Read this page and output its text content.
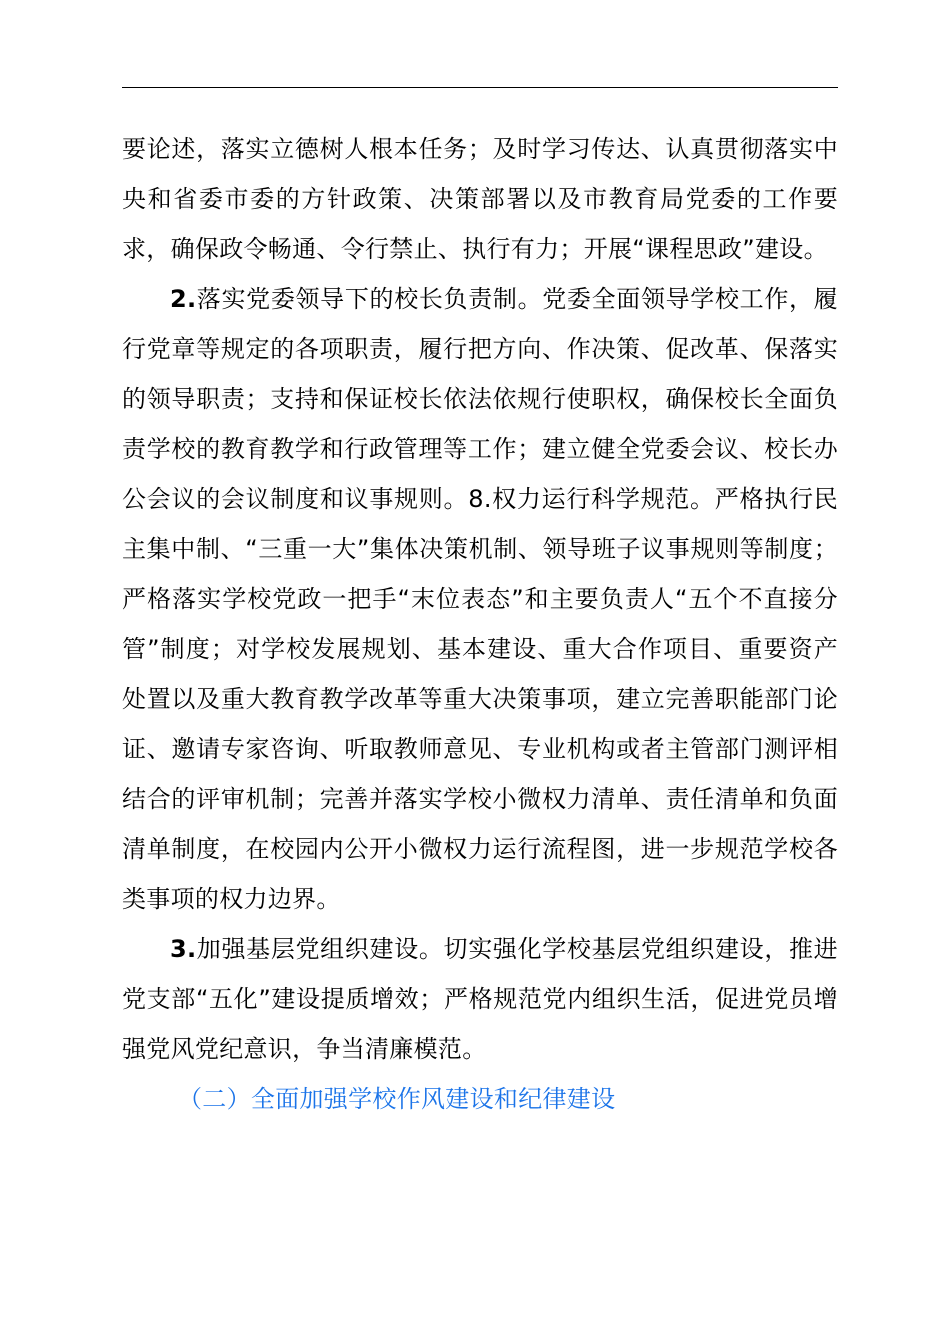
要论述，落实立德树人根本任务；及时学习传达、认真贯彻落实中央和省委市委的方针政策、决策部署以及市教育局党委的工作要求，确保政令畅通、令行禁止、执行有力；开展“课程思政”建设。

2.落实党委领导下的校长负责制。党委全面领导学校工作，履行党章等规定的各项职责，履行把方向、作决策、促改革、保落实的领导职责；支持和保证校长依法依规行使职权，确保校长全面负责学校的教育教学和行政管理等工作；建立健全党委会议、校长办公会议的会议制度和议事规则。8.权力运行科学规范。严格执行民主集中制、“三重一大”集体决策机制、领导班子议事规则等制度；严格落实学校党政一把手“末位表态”和主要负责人“五个不直接分管”制度；对学校发展规划、基本建设、重大合作项目、重要资产处置以及重大教育教学改革等重大决策事项，建立完善职能部门论证、邀请专家咨询、听取教师意见、专业机构或者主管部门测评相结合的评审机制；完善并落实学校小微权力清单、责任清单和负面清单制度，在校园内公开小微权力运行流程图，进一步规范学校各类事项的权力边界。

3.加强基层党组织建设。切实强化学校基层党组织建设，推进党支部“五化”建设提质增效；严格规范党内组织生活，促进党员增强党风党纪意识，争当清廉模范。

（二）全面加强学校作风建设和纪律建设
